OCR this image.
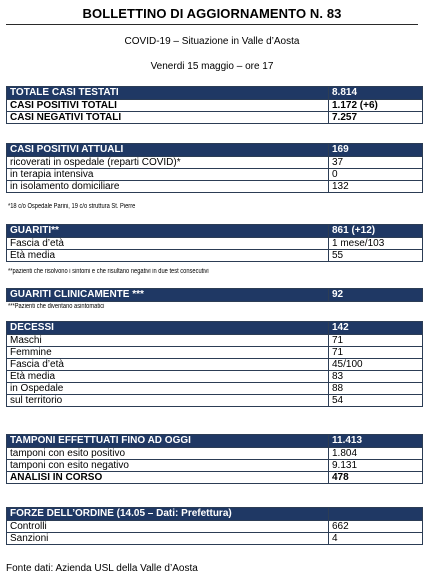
BOLLETTINO DI AGGIORNAMENTO N. 83
COVID-19 – Situazione in Valle d’Aosta
Venerdi 15 maggio – ore 17
TOTALE CASI TESTATI	8.814
CASI POSITIVI TOTALI	1.172 (+6)
CASI NEGATIVI TOTALI	7.257
CASI POSITIVI ATTUALI	169
ricoverati in ospedale (reparti COVID)*	37
in terapia intensiva	0
in isolamento domiciliare	132
*18 c/o Ospedale Parini, 19 c/o struttura St. Pierre
GUARITI**	861 (+12)
Fascia d’età	1 mese/103
Età media	55
**pazienti che risolvono i sintomi e che risultano negativi in due test consecutivi
GUARITI CLINICAMENTE ***	92
***Pazienti che diventano asintomatici
DECESSI	142
Maschi	71
Femmine	71
Fascia d’età	45/100
Età media	83
in Ospedale	88
sul territorio	54
TAMPONI EFFETTUATI FINO AD OGGI	11.413
tamponi con esito positivo	1.804
tamponi con esito negativo	9.131
ANALISI IN CORSO	478
FORZE DELL’ORDINE (14.05 – Dati: Prefettura)	
Controlli	662
Sanzioni	4
Fonte dati: Azienda USL della Valle d’Aosta
